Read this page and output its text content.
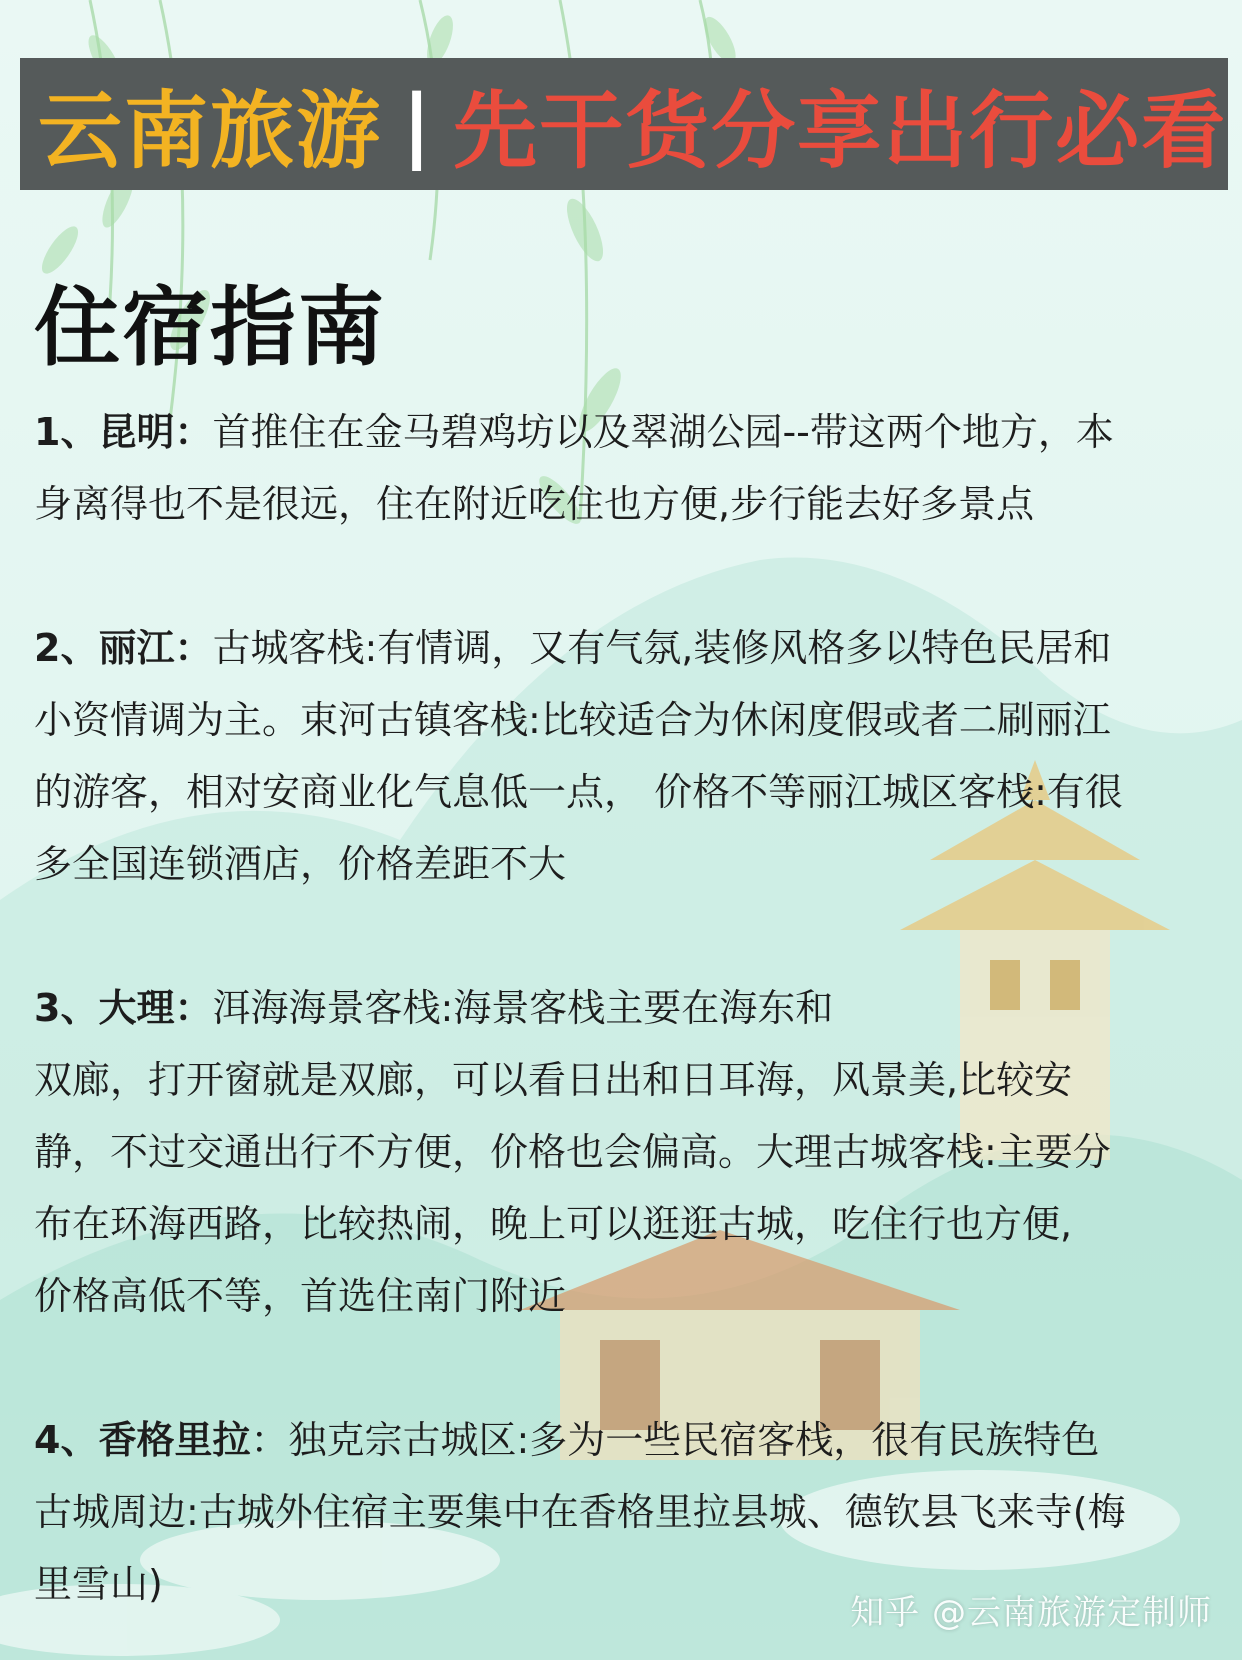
云南旅游 | 先干货分享出行必看
住宿指南

1、昆明：首推住在金马碧鸡坊以及翠湖公园--带这两个地方，本
身离得也不是很远，住在附近吃住也方便,步行能去好多景点

2、丽江：古城客栈:有情调，又有气氛,装修风格多以特色民居和
小资情调为主。束河古镇客栈:比较适合为休闲度假或者二刷丽江
的游客，相对安商业化气息低一点， 价格不等丽江城区客栈:有很
多全国连锁酒店，价格差距不大

3、大理：洱海海景客栈:海景客栈主要在海东和
双廊，打开窗就是双廊，可以看日出和日耳海，风景美,比较安
静，不过交通出行不方便，价格也会偏高。大理古城客栈:主要分
布在环海西路，比较热闹，晚上可以逛逛古城，吃住行也方便,
价格高低不等，首选住南门附近

4、香格里拉：独克宗古城区:多为一些民宿客栈，很有民族特色
古城周边:古城外住宿主要集中在香格里拉县城、德钦县飞来寺(梅
里雪山)

知乎 @云南旅游定制师
